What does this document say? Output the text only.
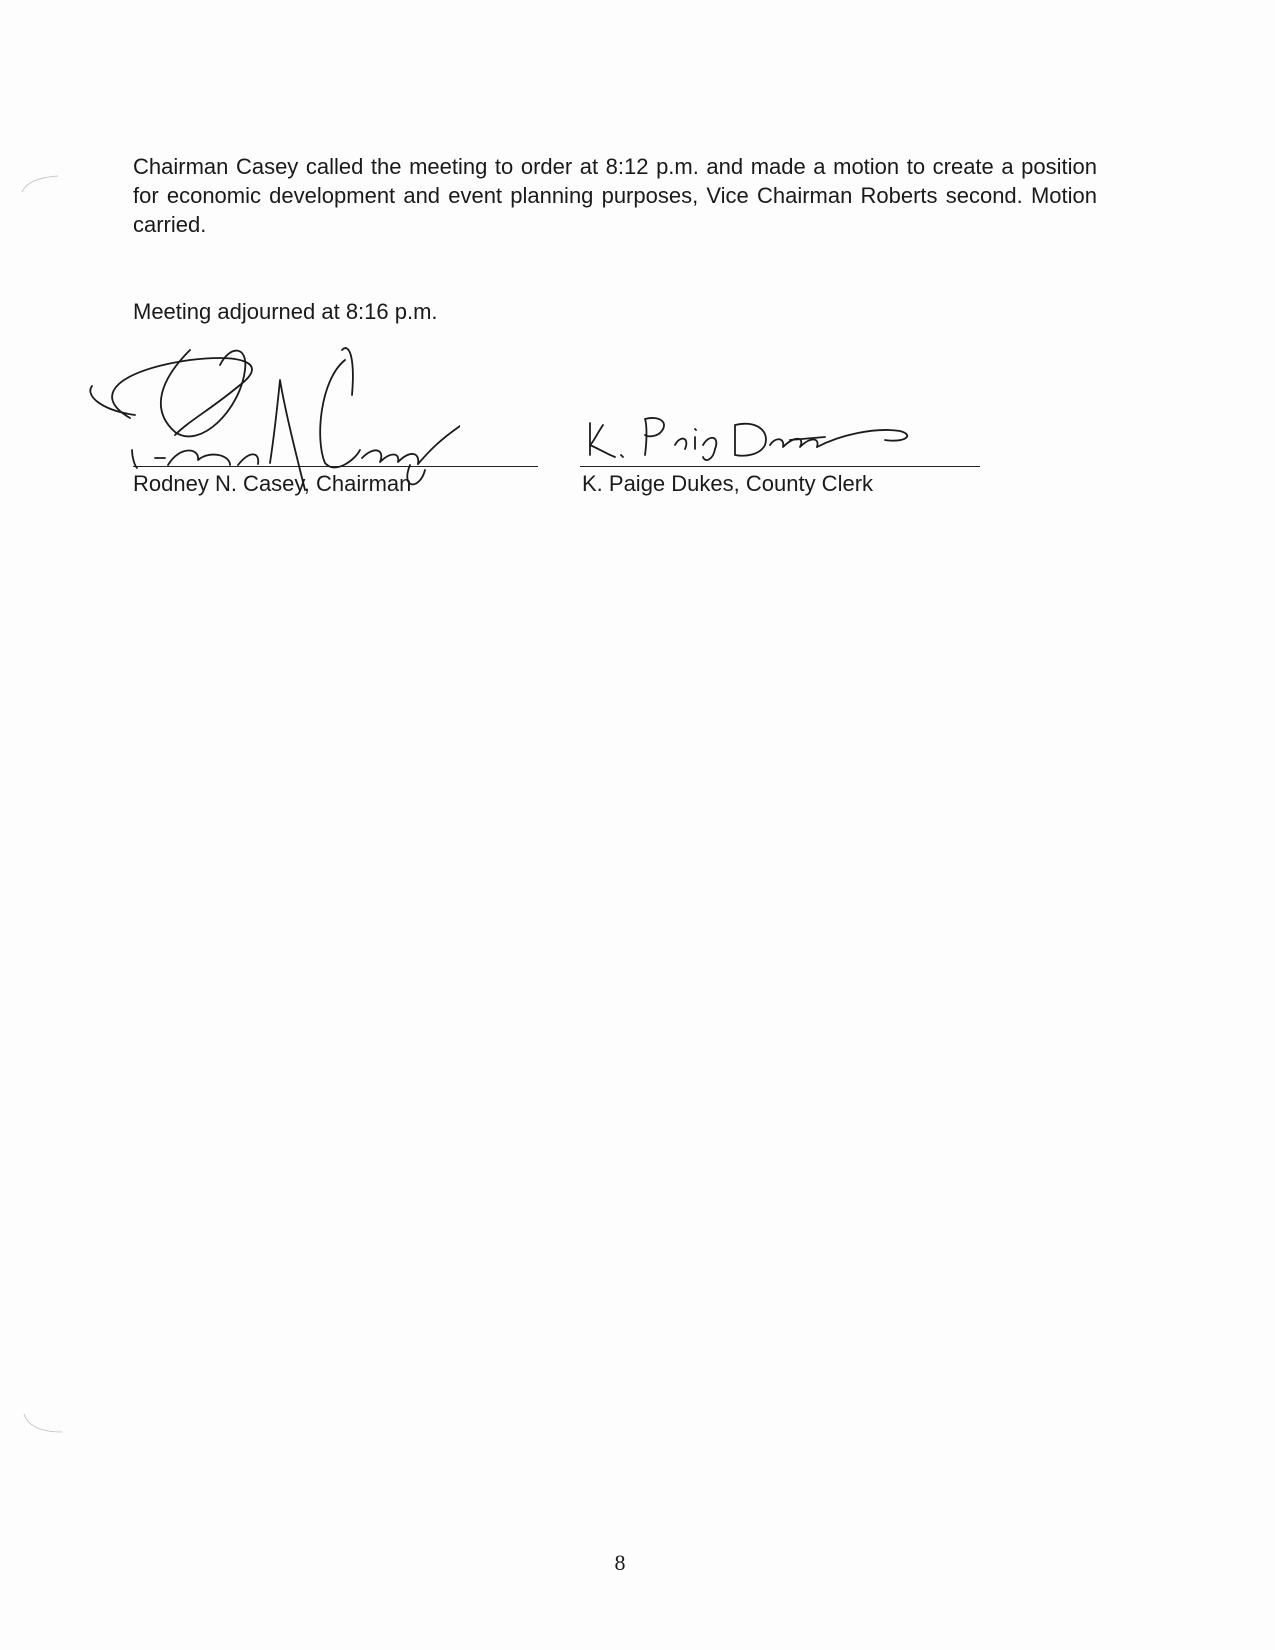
Chairman Casey called the meeting to order at 8:12 p.m. and made a motion to create a position for economic development and event planning purposes, Vice Chairman Roberts second. Motion carried.

Meeting adjourned at 8:16 p.m.

Rodney N. Casey, Chairman	K. Paige Dukes, County Clerk
8
